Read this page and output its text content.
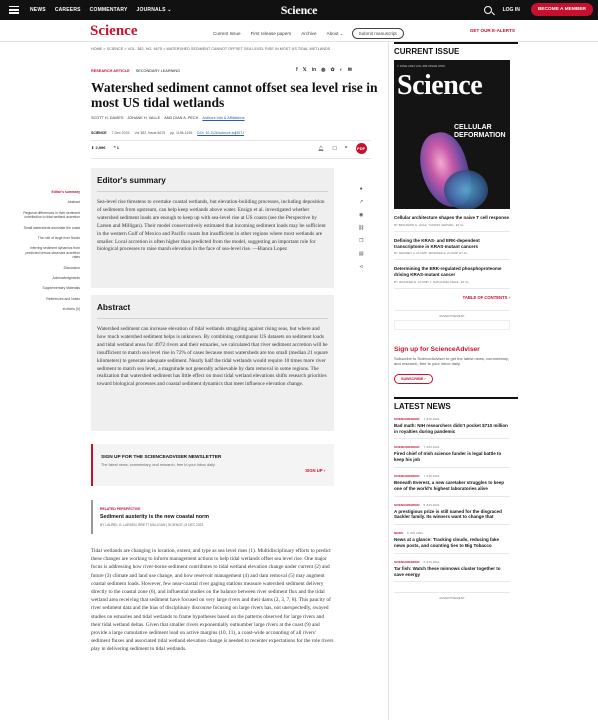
NEWS CAREERS COMMENTARY JOURNALS ⌄	Science	LOG IN	BECOME A MEMBER
Science	Current Issue First release papers Archive About ⌄	Submit manuscript
GET OUR E-ALERTS
HOME > SCIENCE > VOL. 382, NO. 6675 > WATERSHED SEDIMENT CANNOT OFFSET SEA LEVEL RISE IN MOST US TIDAL WETLANDS
RESEARCH ARTICLE SECONDARY LEARNING	f 𝕏 in ◍ ✿ ◐ ✉
Watershed sediment cannot offset sea level rise in most US tidal wetlands
SCOTT H. DAVIES JOHANE H. VALLE AND DIAN A. PECH Authors Info & Affiliations
SCIENCE 7 Dec 2023 Vol 382, Issue 6675 pp. 1196-1196 DOI: 10.1126/science.adj9071
⬇ 2,996 ❝ 1	🔔︎ ☐ ❞	PDF
Editor's summary
Abstract
Regional differences in river sediment contribution to tidal wetland accretion
Small watersheds dominate the coast
The role of large river floods
Inferring sediment dynamics from predicted versus observed accretion rates
Discussion
Acknowledgments
Supplementary Materials
References and Notes
eLetters (0)
●
↗
◉
⛓
❐
▤
⋖
Editor's summary

Sea-level rise threatens to overtake coastal wetlands, but elevation-building processes, including deposition of sediments from upstream, can help keep wetlands above water. Ensign et al. investigated whether watershed sediment loads are enough to keep up with sea-level rise at US coasts (see the Perspective by Larsen and Milligan). Their model conservatively estimated that incoming sediment loads may be sufficient in the western Gulf of Mexico and Pacific coasts but insufficient in other regions where most wetlands are smaller. Local accretion is often higher than predicted from the model, suggesting an important role for biological processes to raise marsh elevation in the face of sea-level rise. —Bianca Lopez

Abstract

Watershed sediment can increase elevation of tidal wetlands struggling against rising seas, but where and how much watershed sediment helps is unknown. By combining contiguous US datasets on sediment loads and tidal wetland areas for 4972 rivers and their estuaries, we calculated that river sediment accretion will be insufficient to match sea level rise in 72% of cases because most watersheds are too small (median 21 square kilometers) to generate adequate sediment. Nearly half the tidal wetlands would require 10 times more river sediment to match sea level, a magnitude not generally achievable by dam removal in some regions. The realization that watershed sediment has little effect on most tidal wetland elevations shifts research priorities toward biological processes and coastal sediment dynamics that meet influence elevation change.

SIGN UP FOR THE SCIENCEADVISER NEWSLETTER
The latest news, commentary, and research, free to your inbox daily
SIGN UP ›
RELATED PERSPECTIVE
Sediment austerity is the new coastal norm
BY LAUREL G. LARSEN, BRETT MILLIGAN | SCIENCE | 8 DEC 2023

Tidal wetlands are changing in location, extent, and type as sea level rises (1). Multidisciplinary efforts to predict these changes are working to inform management actions to help tidal wetlands offset sea level rise. One major focus is addressing how river-borne sediment contributes to tidal wetland elevation change under current (2) and future (3) climate and land use change, and how reservoir management (4) and dam removal (5) may augment coastal sediment loads. However, few near-coastal river gaging stations measure watershed sediment delivery directly to the coastal zone (6), and influential studies on the balance between river sediment flux and the tidal wetland area receiving that sediment have focused on very large rivers and their dams (2, 3, 7, 8). This paucity of river sediment data and the bias of disciplinary discourse focusing on large rivers has, not unexpectedly, swayed studies on estuaries and tidal wetlands to frame hypotheses based on the patterns observed for large rivers and their tidal wetland deltas. Given that smaller rivers exponentially outnumber large rivers at the coast (9) and provide a large cumulative sediment load on active margins (10, 11), a coast-wide accounting of all rivers' sediment fluxes and associated tidal wetland elevation change is needed to recenter expectations for the role rivers play in delivering sediment to tidal wetlands.

CURRENT ISSUE
7 JUNE 2024 VOL 384 ISSUE 6700
Science
CELLULAR DEFORMATION
Cellular architecture shapes the naive T cell response
BY BENJAMIN G. HALE, YIANNIS GERVEIL, ET AL.
Defining the KRAS- and ERK-dependent transcriptome in KRAS-mutant cancers
BY JEFFREY A. KLOMP, JENNIFER E. KLOMP, ET AL.
Determining the ERK-regulated phosphoproteome driving KRAS-mutant cancer
BY JENNIFER E. KLOMP, J. NATHANIEL DIEHL, ET AL.
TABLE OF CONTENTS ›
ADVERTISEMENT
Sign up for ScienceAdviser
Subscribe to ScienceAdviser to get the latest news, commentary, and research, free to your inbox daily.
SUBSCRIBE ›
LATEST NEWS
SCIENCEINSIDER 7 JUN 2024
Bad math: NIH researchers didn't pocket $710 million in royalties during pandemic
SCIENCEINSIDER 7 JUN 2024
Fired chief of Irish science funder is legal battle to keep his job
SCIENCEINSIDER 7 JUN 2024
Beneath Everest, a new caretaker struggles to keep one of the world's highest laboratories alive
SCIENCEINSIDER 6 JUN 2024
A prestigious prize is still named for the disgraced Sackler family. Its winners want to change that
NEWS 6 JUN 2024
News at a glance: Tracking clouds, reducing fake news posts, and counting ties to Big Tobacco
SCIENCEINSIDER 6 JUN 2024
Tar fish: Watch these minnows cluster together to save energy
ADVERTISEMENT
